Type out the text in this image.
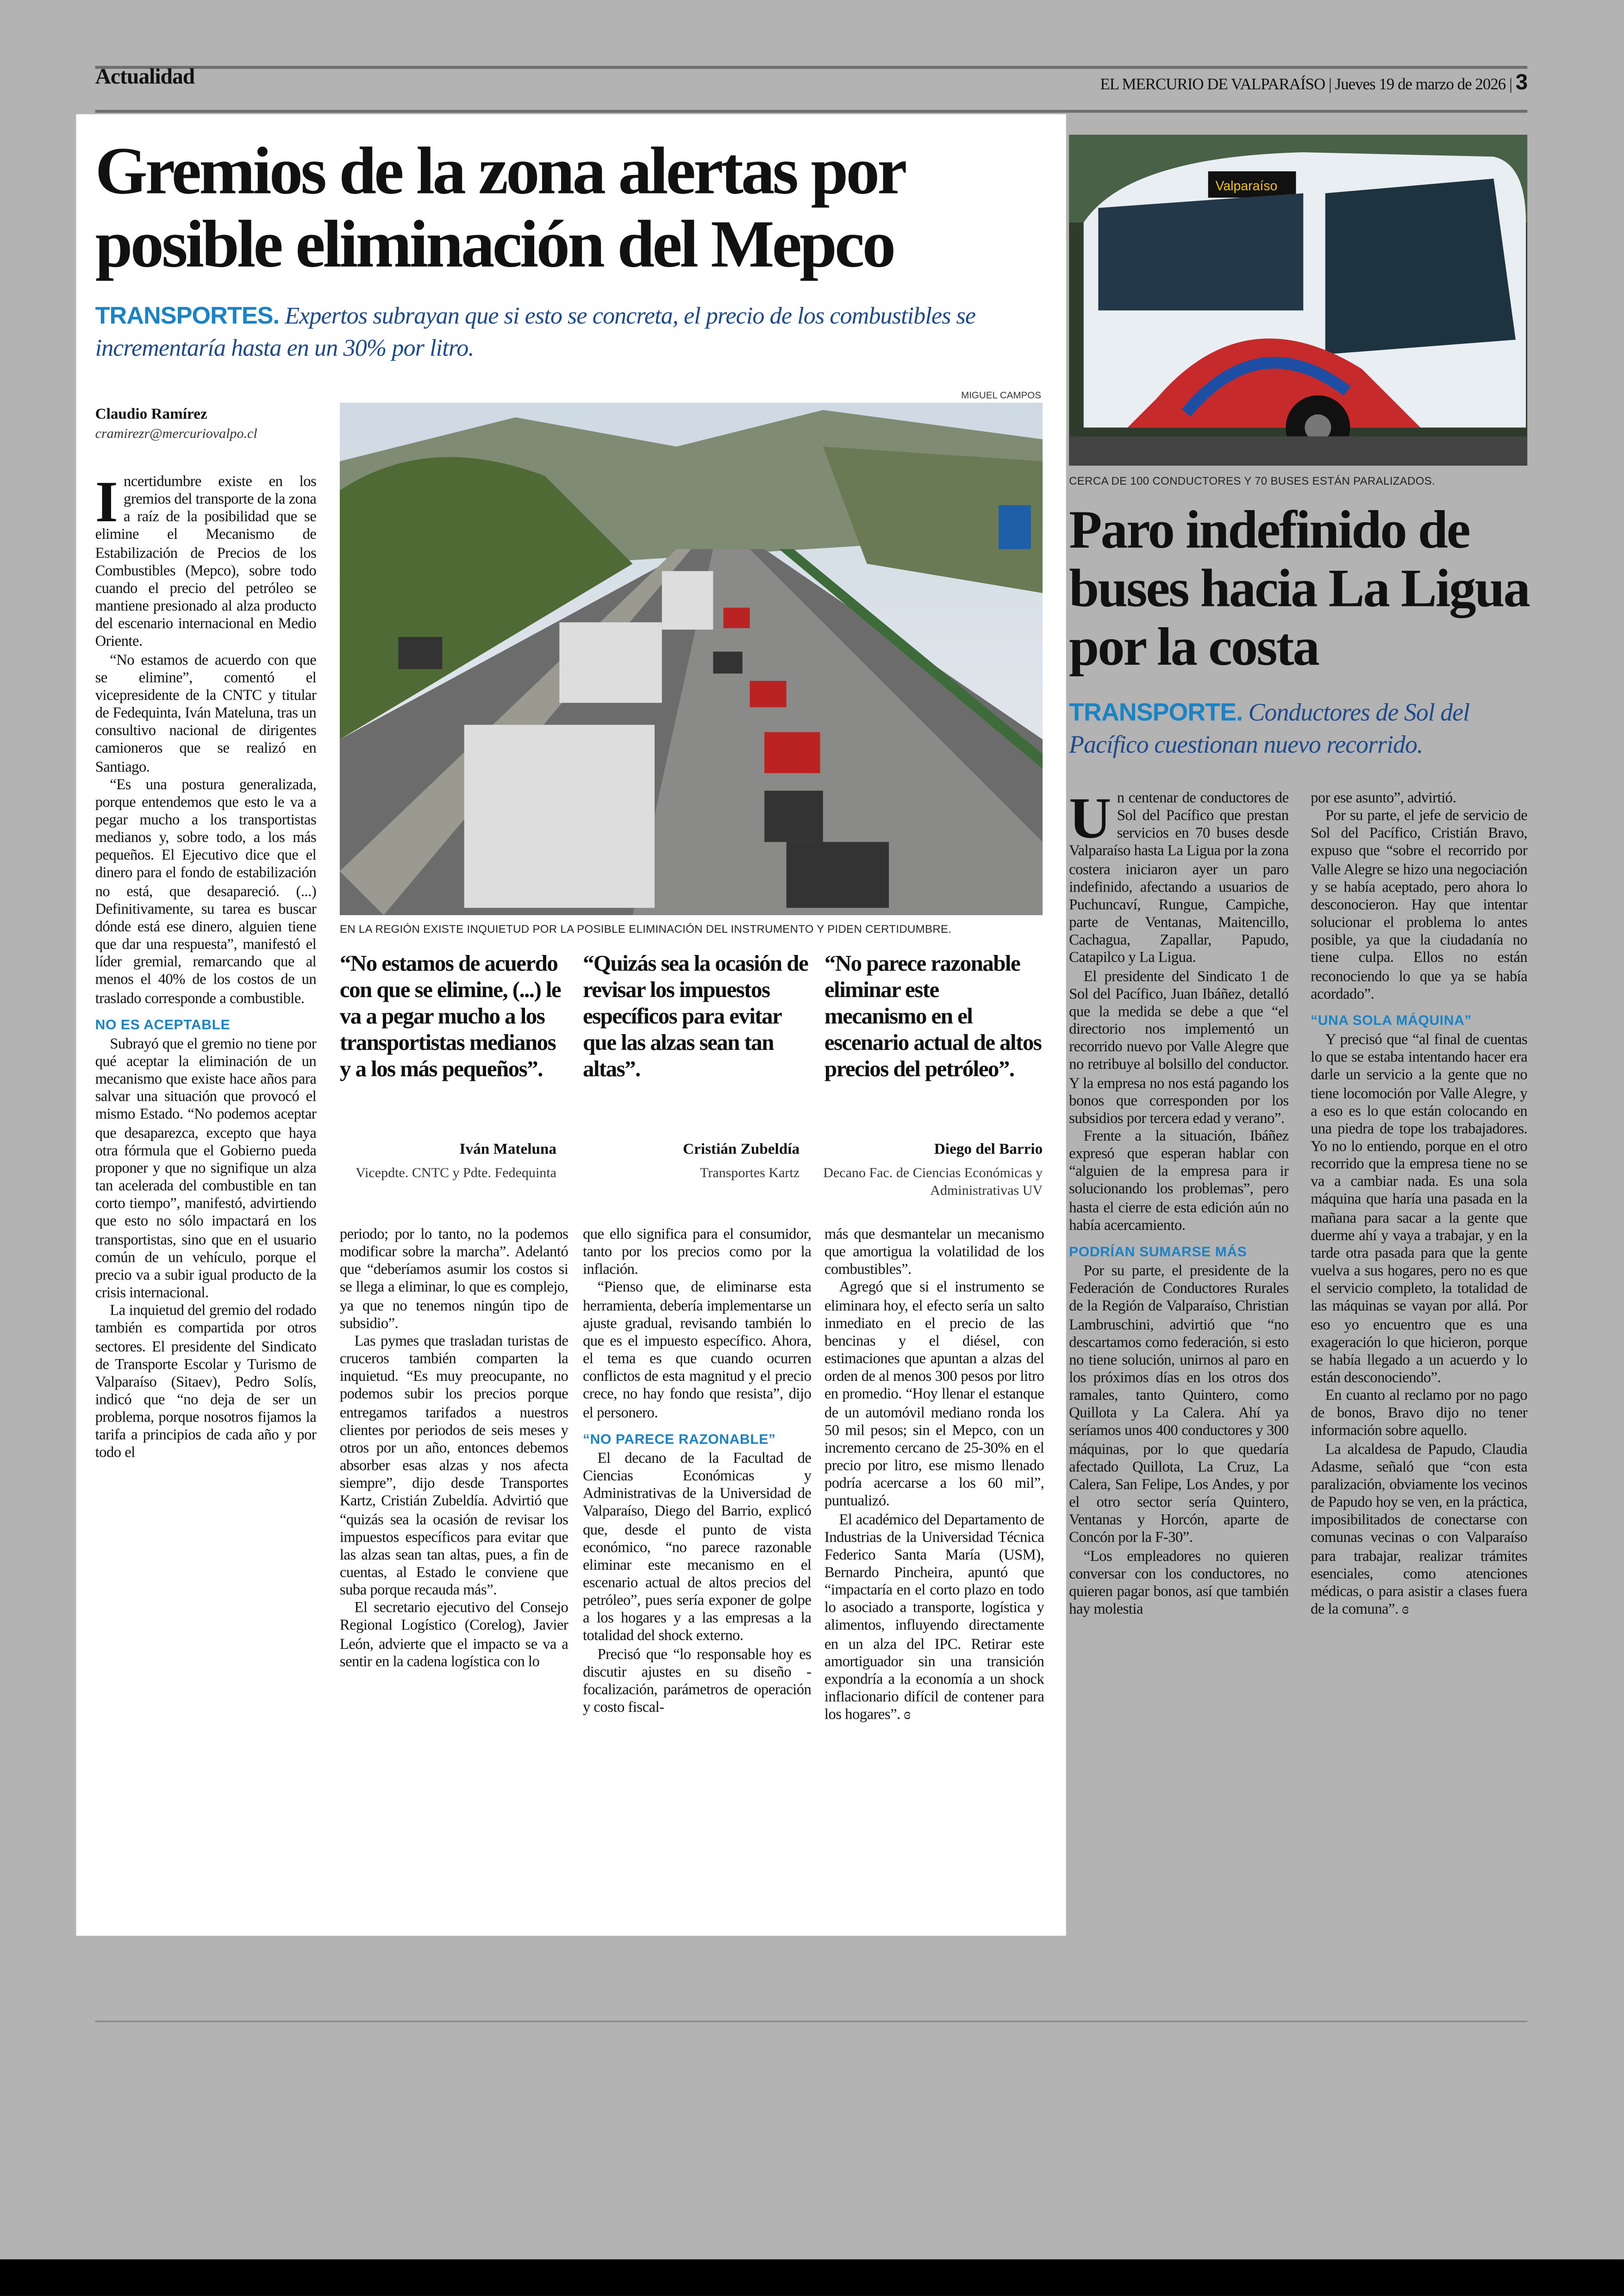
Actualidad	EL MERCURIO DE VALPARAÍSO | Jueves 19 de marzo de 2026 | 3
Gremios de la zona alertas por posible eliminación del Mepco
TRANSPORTES. Expertos subrayan que si esto se concreta, el precio de los combustibles se incrementaría hasta en un 30% por litro.
Claudio Ramírez
cramirezr@mercuriovalpo.cl
MIGUEL CAMPOS
EN LA REGIÓN EXISTE INQUIETUD POR LA POSIBLE ELIMINACIÓN DEL INSTRUMENTO Y PIDEN CERTIDUMBRE.
“No estamos de acuerdo con que se elimine, (...) le va a pegar mucho a los transportistas medianos y a los más pequeños”.
“Quizás sea la ocasión de revisar los impuestos específicos para evitar que las alzas sean tan altas”.
“No parece razonable eliminar este mecanismo en el escenario actual de altos precios del petróleo”.
Iván Mateluna
Vicepdte. CNTC y Pdte. Fedequinta
Cristián Zubeldía
Transportes Kartz
Diego del Barrio
Decano Fac. de Ciencias Económicas y Administrativas UV

I ncertidumbre existe en los gremios del transporte de la zona a raíz de la posibilidad que se elimine el Mecanismo de Estabilización de Precios de los Combustibles (Mepco), sobre todo cuando el precio del petróleo se mantiene presionado al alza producto del escenario internacional en Medio Oriente.

“No estamos de acuerdo con que se elimine”, comentó el vicepresidente de la CNTC y titular de Fedequinta, Iván Mateluna, tras un consultivo nacional de dirigentes camioneros que se realizó en Santiago.

“Es una postura generalizada, porque entendemos que esto le va a pegar mucho a los transportistas medianos y, sobre todo, a los más pequeños. El Ejecutivo dice que el dinero para el fondo de estabilización no está, que desapareció. (...) Definitivamente, su tarea es buscar dónde está ese dinero, alguien tiene que dar una respuesta”, manifestó el líder gremial, remarcando que al menos el 40% de los costos de un traslado corresponde a combustible.

NO ES ACEPTABLE

Subrayó que el gremio no tiene por qué aceptar la eliminación de un mecanismo que existe hace años para salvar una situación que provocó el mismo Estado. “No podemos aceptar que desaparezca, excepto que haya otra fórmula que el Gobierno pueda proponer y que no signifique un alza tan acelerada del combustible en tan corto tiempo”, manifestó, advirtiendo que esto no sólo impactará en los transportistas, sino que en el usuario común de un vehículo, porque el precio va a subir igual producto de la crisis internacional.

La inquietud del gremio del rodado también es compartida por otros sectores. El presidente del Sindicato de Transporte Escolar y Turismo de Valparaíso (Sitaev), Pedro Solís, indicó que “no deja de ser un problema, porque nosotros fijamos la tarifa a principios de cada año y por todo el

periodo; por lo tanto, no la podemos modificar sobre la marcha”. Adelantó que “deberíamos asumir los costos si se llega a eliminar, lo que es complejo, ya que no tenemos ningún tipo de subsidio”.

Las pymes que trasladan turistas de cruceros también comparten la inquietud. “Es muy preocupante, no podemos subir los precios porque entregamos tarifados a nuestros clientes por periodos de seis meses y otros por un año, entonces debemos absorber esas alzas y nos afecta siempre”, dijo desde Transportes Kartz, Cristián Zubeldía. Advirtió que “quizás sea la ocasión de revisar los impuestos específicos para evitar que las alzas sean tan altas, pues, a fin de cuentas, al Estado le conviene que suba porque recauda más”.

El secretario ejecutivo del Consejo Regional Logístico (Corelog), Javier León, advierte que el impacto se va a sentir en la cadena logística con lo

que ello significa para el consumidor, tanto por los precios como por la inflación.

“Pienso que, de eliminarse esta herramienta, debería implementarse un ajuste gradual, revisando también lo que es el impuesto específico. Ahora, el tema es que cuando ocurren conflictos de esta magnitud y el precio crece, no hay fondo que resista”, dijo el personero.

“NO PARECE RAZONABLE”

El decano de la Facultad de Ciencias Económicas y Administrativas de la Universidad de Valparaíso, Diego del Barrio, explicó que, desde el punto de vista económico, “no parece razonable eliminar este mecanismo en el escenario actual de altos precios del petróleo”, pues sería exponer de golpe a los hogares y a las empresas a la totalidad del shock externo.

Precisó que “lo responsable hoy es discutir ajustes en su diseño -focalización, parámetros de operación y costo fiscal-

más que desmantelar un mecanismo que amortigua la volatilidad de los combustibles”.

Agregó que si el instrumento se eliminara hoy, el efecto sería un salto inmediato en el precio de las bencinas y el diésel, con estimaciones que apuntan a alzas del orden de al menos 300 pesos por litro en promedio. “Hoy llenar el estanque de un automóvil mediano ronda los 50 mil pesos; sin el Mepco, con un incremento cercano de 25-30% en el precio por litro, ese mismo llenado podría acercarse a los 60 mil”, puntualizó.

El académico del Departamento de Industrias de la Universidad Técnica Federico Santa María (USM), Bernardo Pincheira, apuntó que “impactaría en el corto plazo en todo lo asociado a transporte, logística y alimentos, influyendo directamente en un alza del IPC. Retirar este amortiguador sin una transición expondría a la economía a un shock inflacionario difícil de contener para los hogares”. ɞ

Valparaíso
CERCA DE 100 CONDUCTORES Y 70 BUSES ESTÁN PARALIZADOS.
Paro indefinido de buses hacia La Ligua por la costa
TRANSPORTE. Conductores de Sol del Pacífico cuestionan nuevo recorrido.

U n centenar de conductores de Sol del Pacífico que prestan servicios en 70 buses desde Valparaíso hasta La Ligua por la zona costera iniciaron ayer un paro indefinido, afectando a usuarios de Puchuncaví, Rungue, Campiche, parte de Ventanas, Maitencillo, Cachagua, Zapallar, Papudo, Catapilco y La Ligua.

El presidente del Sindicato 1 de Sol del Pacífico, Juan Ibáñez, detalló que la medida se debe a que “el directorio nos implementó un recorrido nuevo por Valle Alegre que no retribuye al bolsillo del conductor. Y la empresa no nos está pagando los bonos que corresponden por los subsidios por tercera edad y verano”.

Frente a la situación, Ibáñez expresó que esperan hablar con “alguien de la empresa para ir solucionando los problemas”, pero hasta el cierre de esta edición aún no había acercamiento.

PODRÍAN SUMARSE MÁS

Por su parte, el presidente de la Federación de Conductores Rurales de la Región de Valparaíso, Christian Lambruschini, advirtió que “no descartamos como federación, si esto no tiene solución, unirnos al paro en los próximos días en los otros dos ramales, tanto Quintero, como Quillota y La Calera. Ahí ya seríamos unos 400 conductores y 300 máquinas, por lo que quedaría afectado Quillota, La Cruz, La Calera, San Felipe, Los Andes, y por el otro sector sería Quintero, Ventanas y Horcón, aparte de Concón por la F-30”.

“Los empleadores no quieren conversar con los conductores, no quieren pagar bonos, así que también hay molestia

por ese asunto”, advirtió.

Por su parte, el jefe de servicio de Sol del Pacífico, Cristián Bravo, expuso que “sobre el recorrido por Valle Alegre se hizo una negociación y se había aceptado, pero ahora lo desconocieron. Hay que intentar solucionar el problema lo antes posible, ya que la ciudadanía no tiene culpa. Ellos no están reconociendo lo que ya se había acordado”.

“UNA SOLA MÁQUINA”

Y precisó que “al final de cuentas lo que se estaba intentando hacer era darle un servicio a la gente que no tiene locomoción por Valle Alegre, y a eso es lo que están colocando en una piedra de tope los trabajadores. Yo no lo entiendo, porque en el otro recorrido que la empresa tiene no se va a cambiar nada. Es una sola máquina que haría una pasada en la mañana para sacar a la gente que duerme ahí y vaya a trabajar, y en la tarde otra pasada para que la gente vuelva a sus hogares, pero no es que el servicio completo, la totalidad de las máquinas se vayan por allá. Por eso yo encuentro que es una exageración lo que hicieron, porque se había llegado a un acuerdo y lo están desconociendo”.

En cuanto al reclamo por no pago de bonos, Bravo dijo no tener información sobre aquello.

La alcaldesa de Papudo, Claudia Adasme, señaló que “con esta paralización, obviamente los vecinos de Papudo hoy se ven, en la práctica, imposibilitados de conectarse con comunas vecinas o con Valparaíso para trabajar, realizar trámites esenciales, como atenciones médicas, o para asistir a clases fuera de la comuna”. ɞ
